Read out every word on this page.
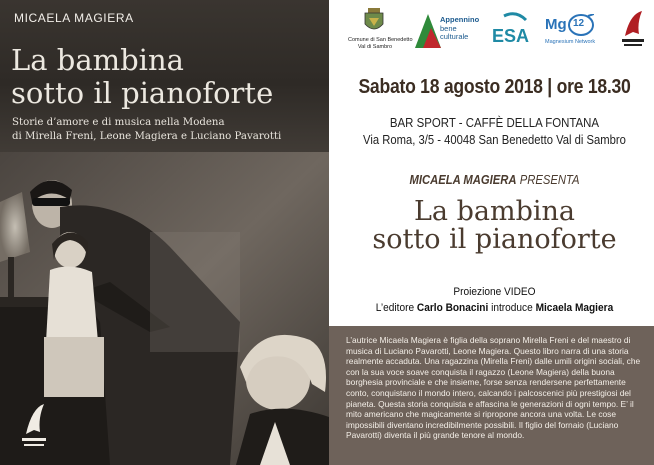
MICAELA MAGIERA
La bambina
sotto il pianoforte
Storie d’amore e di musica nella Modena
di Mirella Freni, Leone Magiera e Luciano Pavarotti
Comune di San Benedetto
Val di Sambro
Appennino
bene
culturale	ESA
Mg 12
Magnesium Network
Sabato 18 agosto 2018 | ore 18.30
BAR SPORT - CAFFÈ DELLA FONTANA
Via Roma, 3/5 - 40048 San Benedetto Val di Sambro
MICAELA MAGIERA PRESENTA
La bambina
sotto il pianoforte
Proiezione VIDEO
L’editore Carlo Bonacini introduce Micaela Magiera

L’autrice Micaela Magiera è figlia della soprano Mirella Freni e del maestro di musica di Luciano Pavarotti, Leone Magiera. Questo libro narra di una storia realmente accaduta. Una ragazzina (Mirella Freni) dalle umili origini sociali, che con la sua voce soave conquista il ragazzo (Leone Magiera) della buona borghesia provinciale e che insieme, forse senza rendersene perfettamente conto, conquistano il mondo intero, calcando i palcoscenici più prestigiosi del pianeta. Questa storia conquista e affascina le generazioni di ogni tempo. E’ il mito americano che magicamente si ripropone ancora una volta. Le cose impossibili diventano incredibilmente possibili. Il figlio del fornaio (Luciano Pavarotti) diventa il più grande tenore al mondo.
